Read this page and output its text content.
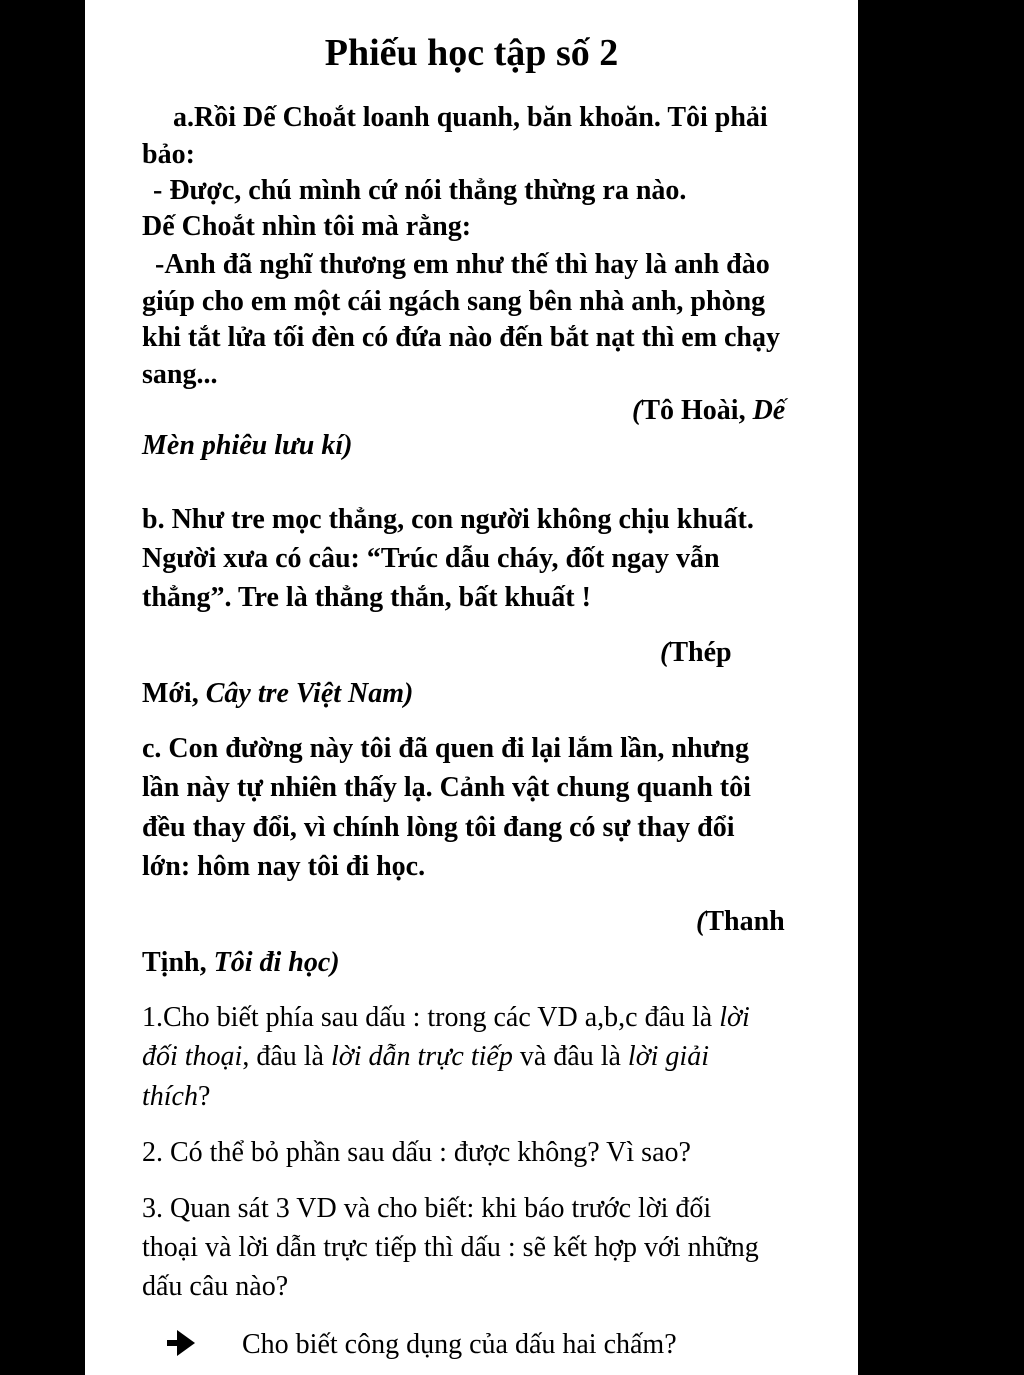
Phiếu học tập số 2
a.Rồi Dế Choắt loanh quanh, băn khoăn. Tôi phải
bảo:
- Được, chú mình cứ nói thẳng thừng ra nào.
Dế Choắt nhìn tôi mà rằng:
-Anh đã nghĩ thương em như thế thì hay là anh đào
giúp cho em một cái ngách sang bên nhà anh, phòng
khi tắt lửa tối đèn có đứa nào đến bắt nạt thì em chạy
sang...
(Tô Hoài, Dế
Mèn phiêu lưu kí)
b. Như tre mọc thẳng, con người không chịu khuất.
Người xưa có câu: “Trúc dẫu cháy, đốt ngay vẫn
thẳng”. Tre là thẳng thắn, bất khuất !
(Thép
Mới, Cây tre Việt Nam)
c. Con đường này tôi đã quen đi lại lắm lần, nhưng
lần này tự nhiên thấy lạ. Cảnh vật chung quanh tôi
đều thay đổi, vì chính lòng tôi đang có sự thay đổi
lớn: hôm nay tôi đi học.
(Thanh
Tịnh, Tôi đi học)
1.Cho biết phía sau dấu : trong các VD a,b,c đâu là lời
đối thoại, đâu là lời dẫn trực tiếp và đâu là lời giải
thích?
2. Có thể bỏ phần sau dấu : được không? Vì sao?
3. Quan sát 3 VD và cho biết: khi báo trước lời đối
thoại và lời dẫn trực tiếp thì dấu : sẽ kết hợp với những
dấu câu nào?
Cho biết công dụng của dấu hai chấm?
